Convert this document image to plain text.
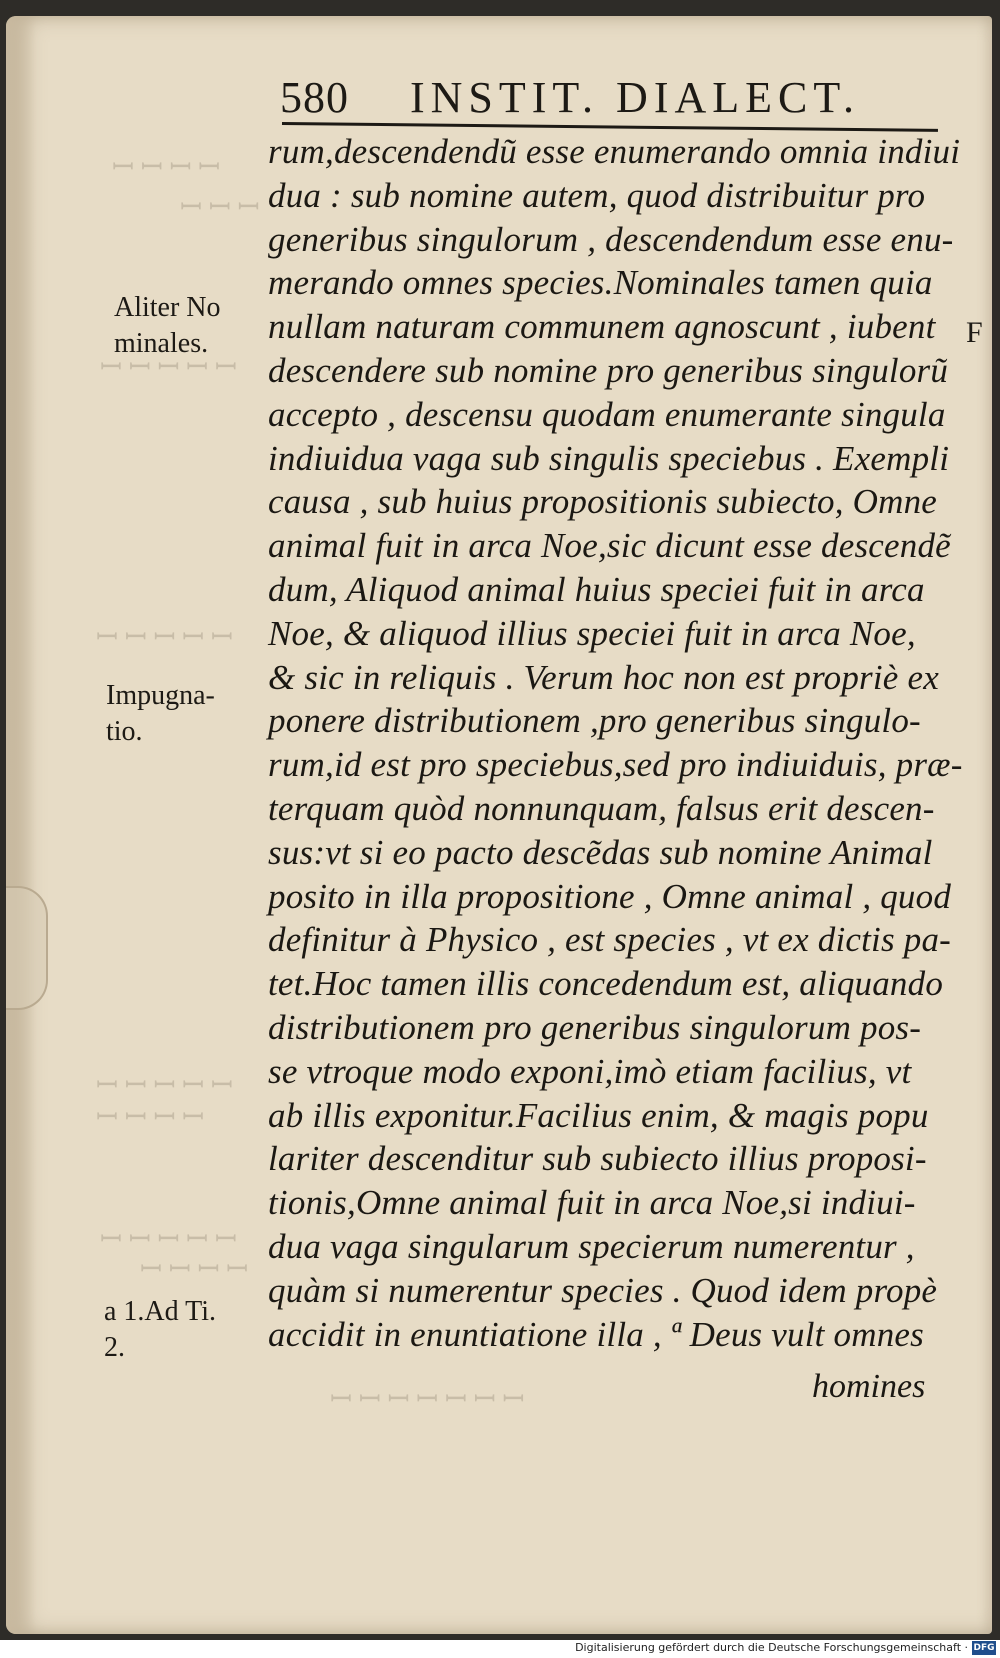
ꟷ ꟷ ꟷ ꟷ
ꟷ ꟷ ꟷ
ꟷ ꟷ ꟷ ꟷ ꟷ
ꟷ ꟷ ꟷ ꟷ ꟷ
ꟷ ꟷ ꟷ ꟷ ꟷ
ꟷ ꟷ ꟷ ꟷ
ꟷ ꟷ ꟷ ꟷ ꟷ
ꟷ ꟷ ꟷ ꟷ
ꟷ ꟷ ꟷ ꟷ ꟷ ꟷ ꟷ
580 INSTIT. DIALECT.
rum,descendendũ esse enumerando omnia indiui
dua : sub nomine autem, quod distribuitur pro
generibus singulorum , descendendum esse enu-
merando omnes species.Nominales tamen quia
nullam naturam communem agnoscunt , iubent
descendere sub nomine pro generibus singulorũ
accepto , descensu quodam enumerante singula
indiuidua vaga sub singulis speciebus . Exempli
causa , sub huius propositionis subiecto, Omne
animal fuit in arca Noe,sic dicunt esse descendẽ
dum, Aliquod animal huius speciei fuit in arca
Noe, & aliquod illius speciei fuit in arca Noe,
& sic in reliquis . Verum hoc non est propriè ex
ponere distributionem ,pro generibus singulo-
rum,id est pro speciebus,sed pro indiuiduis, præ-
terquam quòd nonnunquam, falsus erit descen-
sus:vt si eo pacto descẽdas sub nomine Animal
posito in illa propositione , Omne animal , quod
definitur à Physico , est species , vt ex dictis pa-
tet.Hoc tamen illis concedendum est, aliquando
distributionem pro generibus singulorum pos-
se vtroque modo exponi,imò etiam facilius, vt
ab illis exponitur.Facilius enim, & magis popu
lariter descenditur sub subiecto illius proposi-
tionis,Omne animal fuit in arca Noe,si indiui-
dua vaga singularum specierum numerentur ,
quàm si numerentur species . Quod idem propè
accidit in enuntiatione illa , ª Deus vult omnes
Aliter No
minales.
Impugna-
tio.
a 1.Ad Ti.
2.
F
homines
Digitalisierung gefördert durch die Deutsche Forschungsgemeinschaft · DFG
